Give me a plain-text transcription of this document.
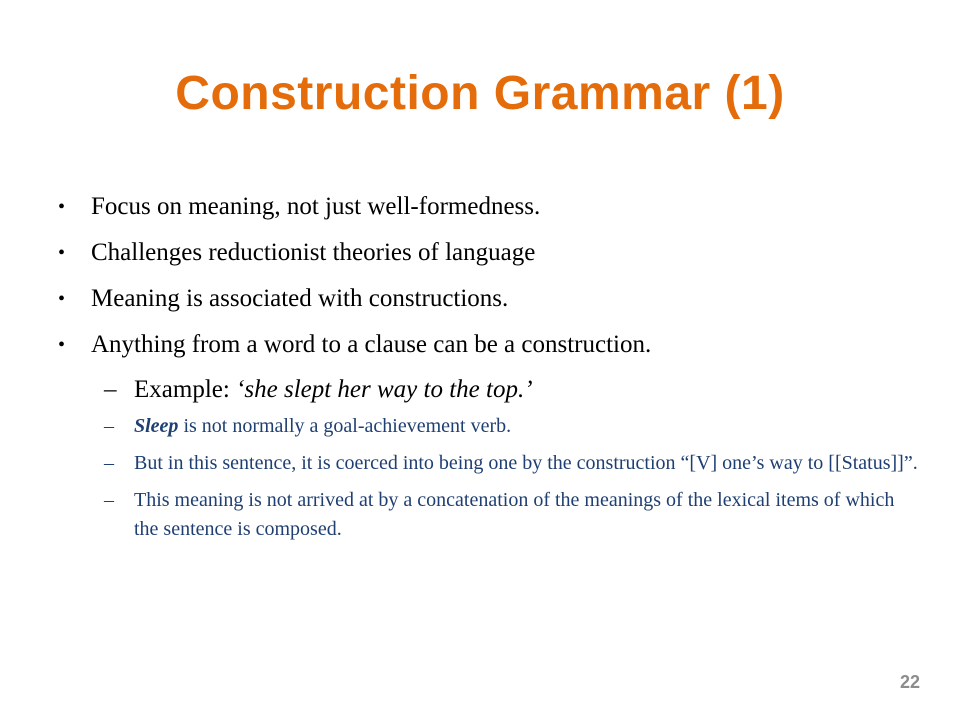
Construction Grammar (1)
•	Focus on meaning, not just well-formedness.
•	Challenges reductionist theories of language
•	Meaning is associated with constructions.
•	Anything from a word to a clause can be a construction.
– Example: ‘she slept her way to the top.’
– Sleep is not normally a goal-achievement verb.
– But in this sentence, it is coerced into being one by the construction “[V] one’s way to [[Status]]”.
– This meaning is not arrived at by a concatenation of the meanings of the lexical items of which the sentence is composed.
22
